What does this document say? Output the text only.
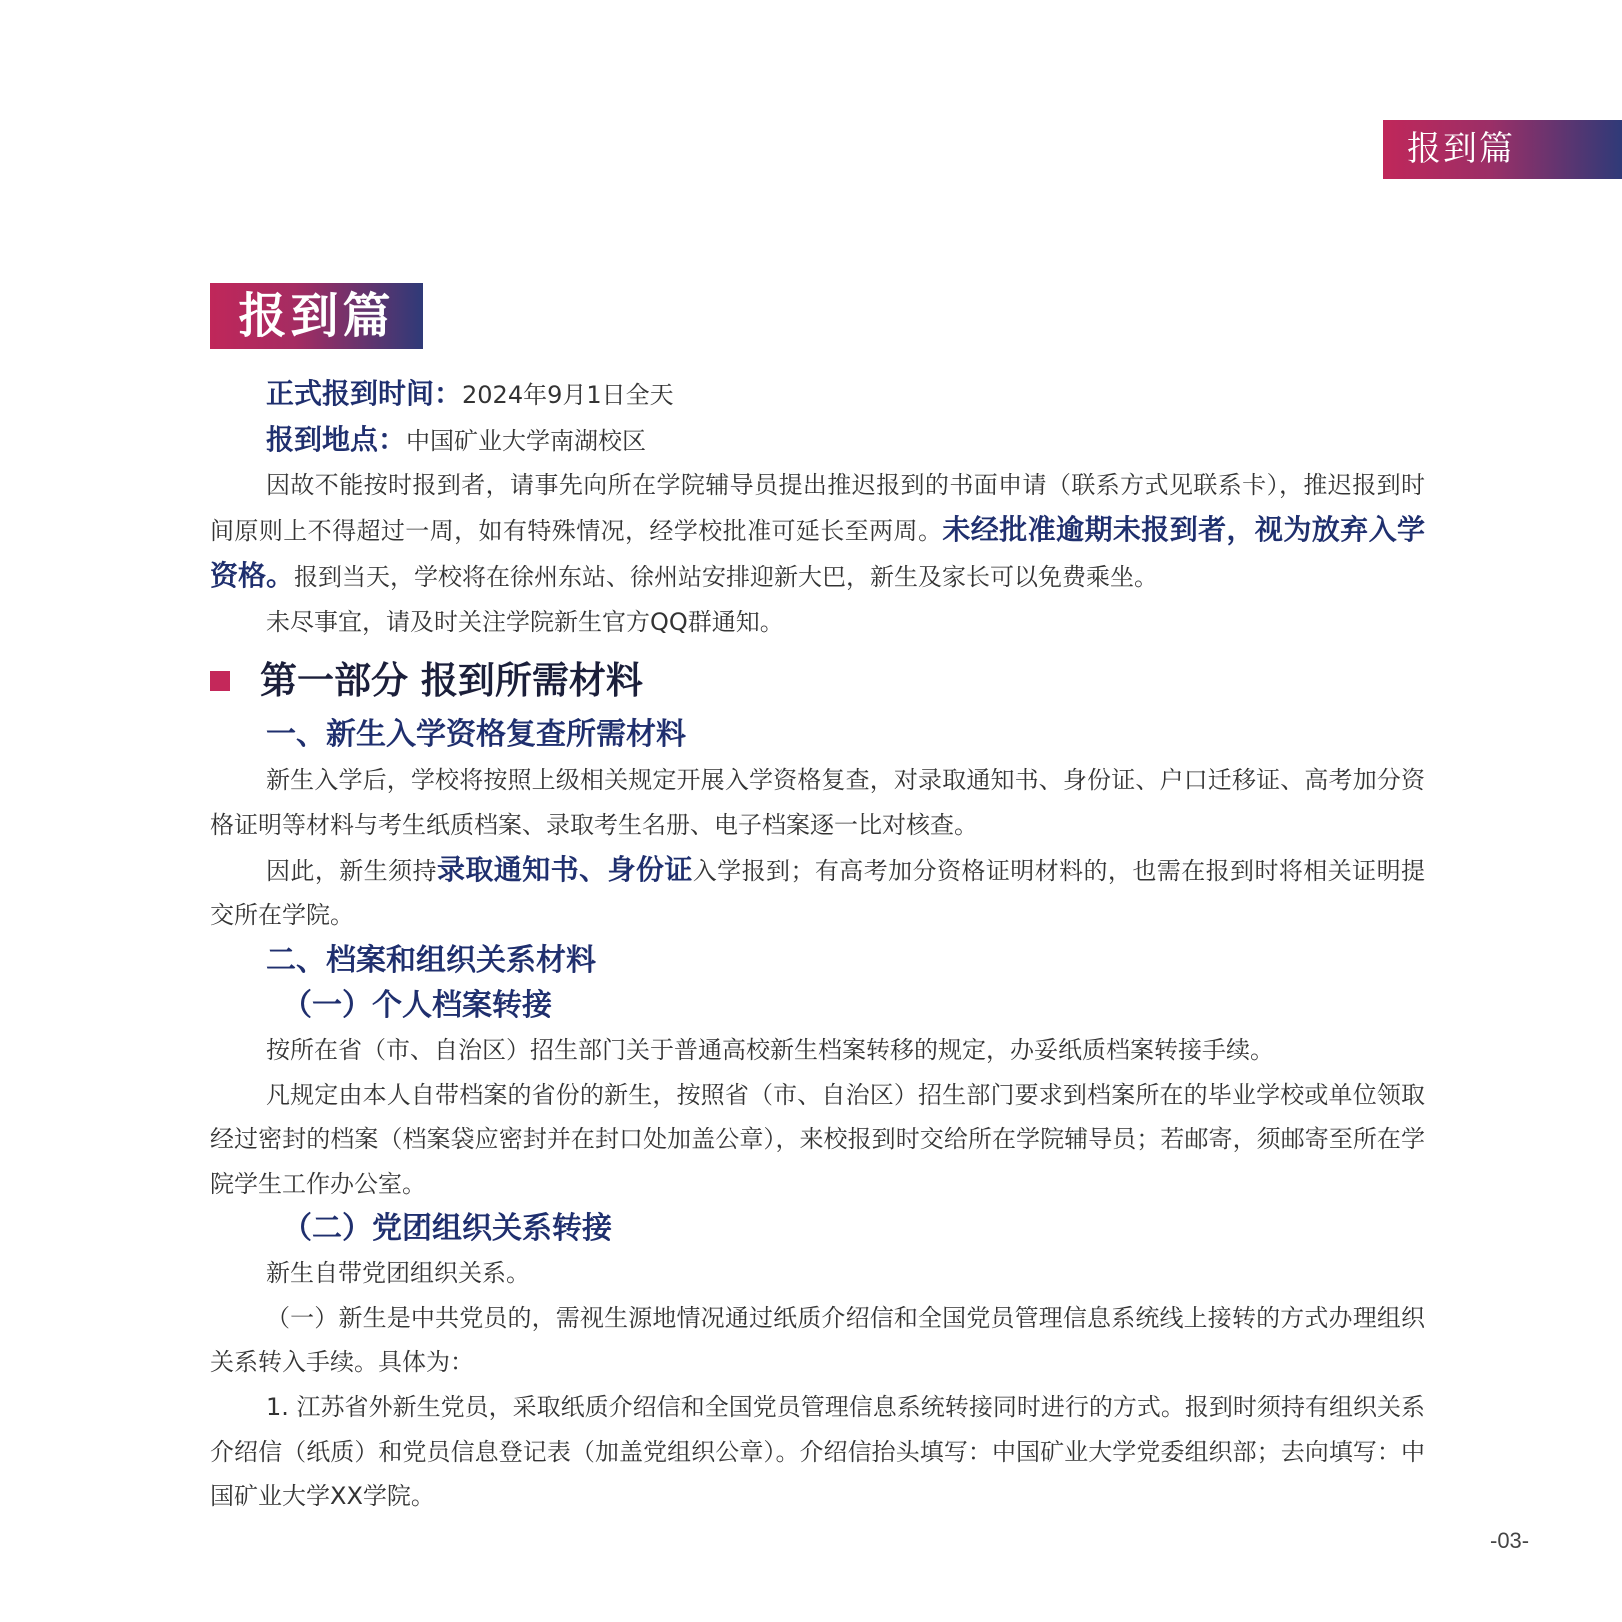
报到篇
报到篇

正式报到时间：2024年9月1日全天

报到地点：中国矿业大学南湖校区

因故不能按时报到者，请事先向所在学院辅导员提出推迟报到的书面申请（联系方式见联系卡），推迟报到时间原则上不得超过一周，如有特殊情况，经学校批准可延长至两周。未经批准逾期未报到者，视为放弃入学资格。报到当天，学校将在徐州东站、徐州站安排迎新大巴，新生及家长可以免费乘坐。

未尽事宜，请及时关注学院新生官方QQ群通知。

第一部分 报到所需材料

一、新生入学资格复查所需材料

新生入学后，学校将按照上级相关规定开展入学资格复查，对录取通知书、身份证、户口迁移证、高考加分资格证明等材料与考生纸质档案、录取考生名册、电子档案逐一比对核查。

因此，新生须持录取通知书、身份证入学报到；有高考加分资格证明材料的，也需在报到时将相关证明提交所在学院。

二、档案和组织关系材料

（一）个人档案转接

按所在省（市、自治区）招生部门关于普通高校新生档案转移的规定，办妥纸质档案转接手续。

凡规定由本人自带档案的省份的新生，按照省（市、自治区）招生部门要求到档案所在的毕业学校或单位领取经过密封的档案（档案袋应密封并在封口处加盖公章），来校报到时交给所在学院辅导员；若邮寄，须邮寄至所在学院学生工作办公室。

（二）党团组织关系转接

新生自带党团组织关系。

（一）新生是中共党员的，需视生源地情况通过纸质介绍信和全国党员管理信息系统线上接转的方式办理组织关系转入手续。具体为：

1. 江苏省外新生党员，采取纸质介绍信和全国党员管理信息系统转接同时进行的方式。报到时须持有组织关系介绍信（纸质）和党员信息登记表（加盖党组织公章）。介绍信抬头填写：中国矿业大学党委组织部；去向填写：中国矿业大学XX学院。

-03-
